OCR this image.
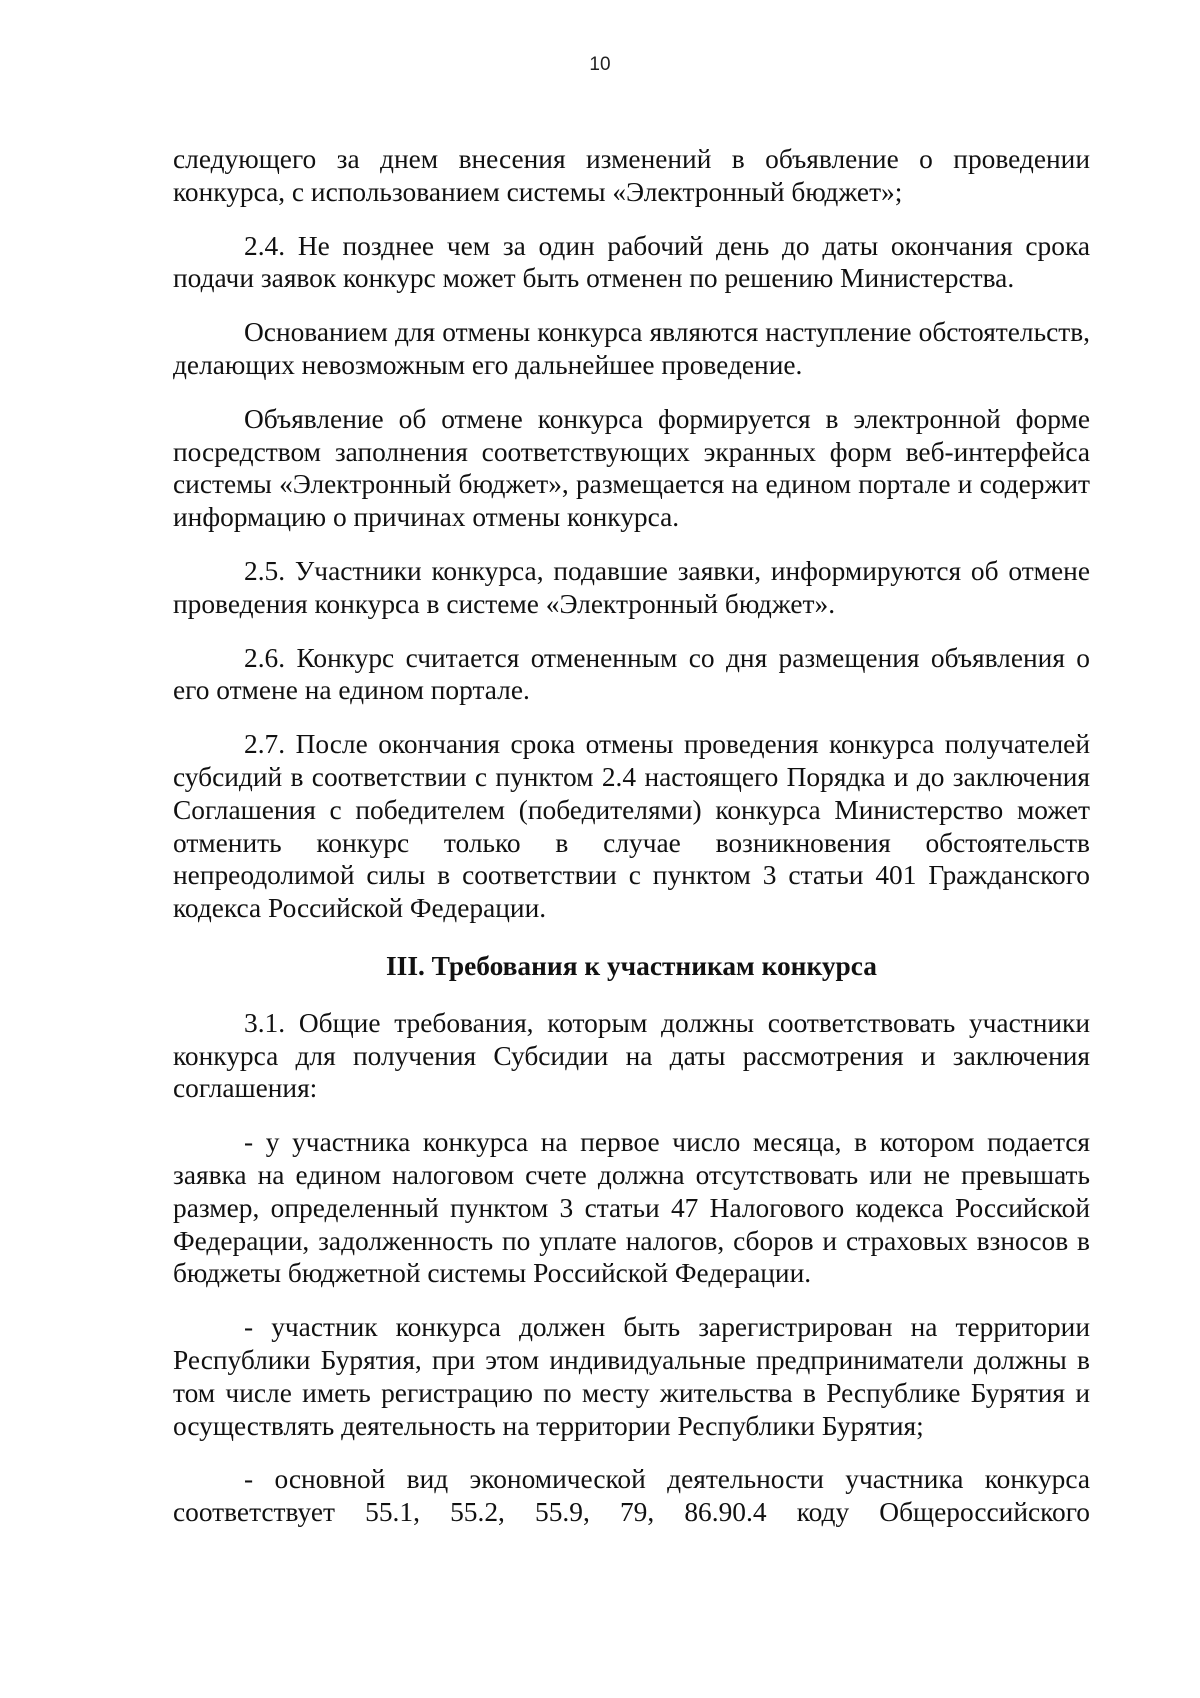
10

следующего за днем внесения изменений в объявление о проведении конкурса, с использованием системы «Электронный бюджет»;

2.4. Не позднее чем за один рабочий день до даты окончания срока подачи заявок конкурс может быть отменен по решению Министерства.

Основанием для отмены конкурса являются наступление обстоятельств, делающих невозможным его дальнейшее проведение.

Объявление об отмене конкурса формируется в электронной форме посредством заполнения соответствующих экранных форм веб-интерфейса системы «Электронный бюджет», размещается на едином портале и содержит информацию о причинах отмены конкурса.

2.5. Участники конкурса, подавшие заявки, информируются об отмене проведения конкурса в системе «Электронный бюджет».

2.6. Конкурс считается отмененным со дня размещения объявления о его отмене на едином портале.

2.7. После окончания срока отмены проведения конкурса получателей субсидий в соответствии с пунктом 2.4 настоящего Порядка и до заключения Соглашения с победителем (победителями) конкурса Министерство может отменить конкурс только в случае возникновения обстоятельств непреодолимой силы в соответствии с пунктом 3 статьи 401 Гражданского кодекса Российской Федерации.

III. Требования к участникам конкурса

3.1. Общие требования, которым должны соответствовать участники конкурса для получения Субсидии на даты рассмотрения и заключения соглашения:

- у участника конкурса на первое число месяца, в котором подается заявка на едином налоговом счете должна отсутствовать или не превышать размер, определенный пунктом 3 статьи 47 Налогового кодекса Российской Федерации, задолженность по уплате налогов, сборов и страховых взносов в бюджеты бюджетной системы Российской Федерации.

- участник конкурса должен быть зарегистрирован на территории Республики Бурятия, при этом индивидуальные предприниматели должны в том числе иметь регистрацию по месту жительства в Республике Бурятия и осуществлять деятельность на территории Республики Бурятия;

- основной вид экономической деятельности участника конкурса соответствует 55.1, 55.2, 55.9, 79, 86.90.4 коду Общероссийского
